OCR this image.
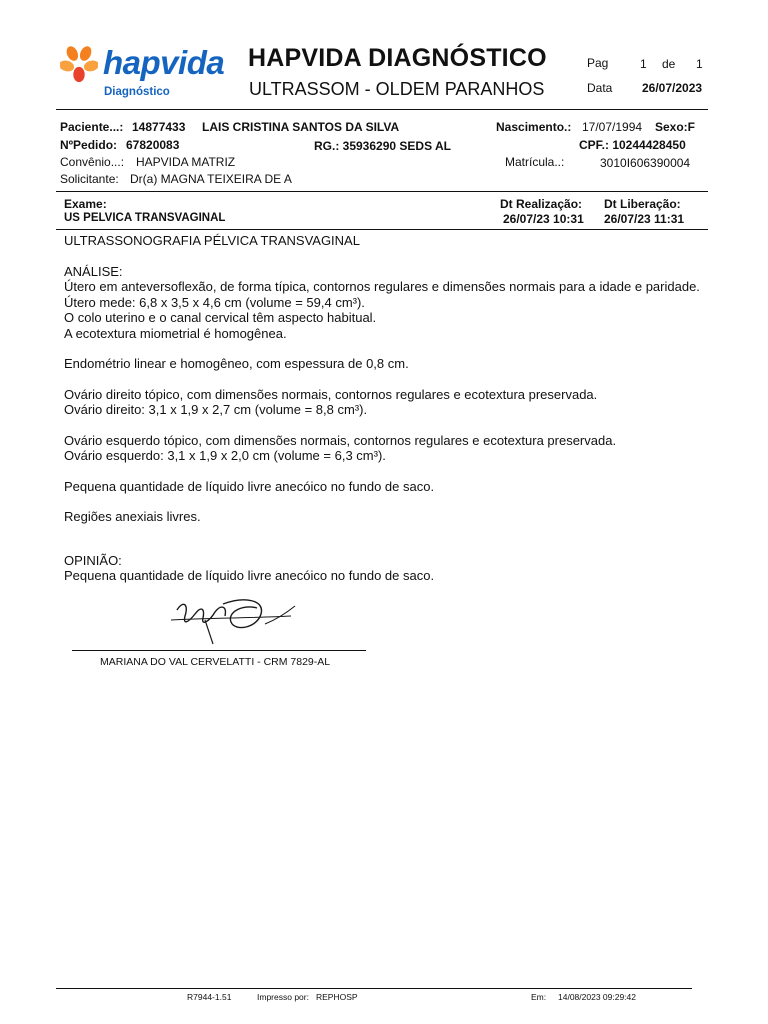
hapvida
Diagnóstico
HAPVIDA DIAGNÓSTICO
ULTRASSOM - OLDEM PARANHOS
Pag	1 de 1
Data 26/07/2023
Paciente...: 14877433 LAIS CRISTINA SANTOS DA SILVA	Nascimento.: 17/07/1994 Sexo:F
NºPedido: 67820083	RG.: 35936290 SEDS AL	CPF.: 10244428450
Convênio...: HAPVIDA MATRIZ	Matrícula..:	3010I606390004
Solicitante: Dr(a) MAGNA TEIXEIRA DE A
Exame:
US PELVICA TRANSVAGINAL
Dt Realização:
26/07/23 10:31
Dt Liberação:
26/07/23 11:31

ULTRASSONOGRAFIA PÉLVICA TRANSVAGINAL

ANÁLISE:

Útero em anteversoflexão, de forma típica, contornos regulares e dimensões normais para a idade e paridade.

Útero mede: 6,8 x 3,5 x 4,6 cm (volume = 59,4 cm³).

O colo uterino e o canal cervical têm aspecto habitual.

A ecotextura miometrial é homogênea.

Endométrio linear e homogêneo, com espessura de 0,8 cm.

Ovário direito tópico, com dimensões normais, contornos regulares e ecotextura preservada.

Ovário direito: 3,1 x 1,9 x 2,7 cm (volume = 8,8 cm³).

Ovário esquerdo tópico, com dimensões normais, contornos regulares e ecotextura preservada.

Ovário esquerdo: 3,1 x 1,9 x 2,0 cm (volume = 6,3 cm³).

Pequena quantidade de líquido livre anecóico no fundo de saco.

Regiões anexiais livres.

OPINIÃO:

Pequena quantidade de líquido livre anecóico no fundo de saco.

MARIANA DO VAL CERVELATTI - CRM 7829-AL
R7944-1.51	Impresso por: REPHOSP	Em: 14/08/2023 09:29:42
